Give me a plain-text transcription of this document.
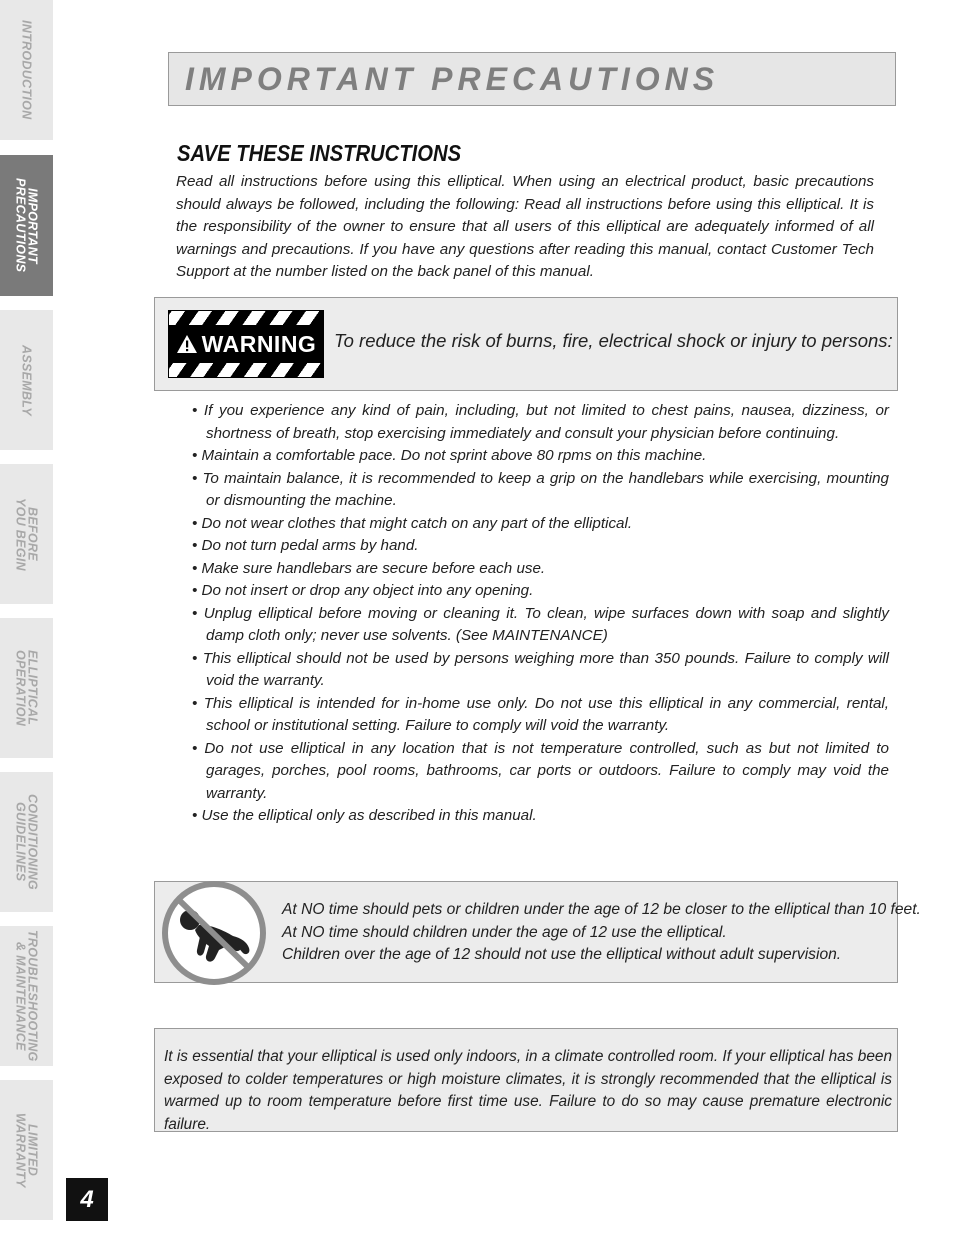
INTRODUCTION
IMPORTANT
PRECAUTIONS
ASSEMBLY
BEFORE
YOU BEGIN
ELLIPTICAL
OPERATION
CONDITIONING
GUIDELINES
TROUBLESHOOTING
& MAINTENANCE
LIMITED
WARRANTY
4
IMPORTANT PRECAUTIONS
SAVE THESE INSTRUCTIONS

Read all instructions before using this elliptical. When using an electrical product, basic precautions should always be followed, including the following: Read all instructions before using this elliptical. It is the responsibility of the owner to ensure that all users of this elliptical are adequately informed of all warnings and precautions. If you have any questions after reading this manual, contact Customer Tech Support at the number listed on the back panel of this manual.

WARNING To reduce the risk of burns, fire, electrical shock or injury to persons:
• If you experience any kind of pain, including, but not limited to chest pains, nausea, dizziness, or shortness of breath, stop exercising immediately and consult your physician before continuing.
• Maintain a comfortable pace. Do not sprint above 80 rpms on this machine.
• To maintain balance, it is recommended to keep a grip on the handlebars while exercising, mounting or dismounting the machine.
• Do not wear clothes that might catch on any part of the elliptical.
• Do not turn pedal arms by hand.
• Make sure handlebars are secure before each use.
• Do not insert or drop any object into any opening.
• Unplug elliptical before moving or cleaning it. To clean, wipe surfaces down with soap and slightly damp cloth only; never use solvents. (See MAINTENANCE)
• This elliptical should not be used by persons weighing more than 350 pounds. Failure to comply will void the warranty.
• This elliptical is intended for in-home use only. Do not use this elliptical in any commercial, rental, school or institutional setting. Failure to comply will void the warranty.
• Do not use elliptical in any location that is not temperature controlled, such as but not limited to garages, porches, pool rooms, bathrooms, car ports or outdoors. Failure to comply may void the warranty.
• Use the elliptical only as described in this manual.
At NO time should pets or children under the age of 12 be closer to the elliptical than 10 feet.
At NO time should children under the age of 12 use the elliptical.
Children over the age of 12 should not use the elliptical without adult supervision.

It is essential that your elliptical is used only indoors, in a climate controlled room. If your elliptical has been exposed to colder temperatures or high moisture climates, it is strongly recommended that the elliptical is warmed up to room temperature before first time use. Failure to do so may cause premature electronic failure.
